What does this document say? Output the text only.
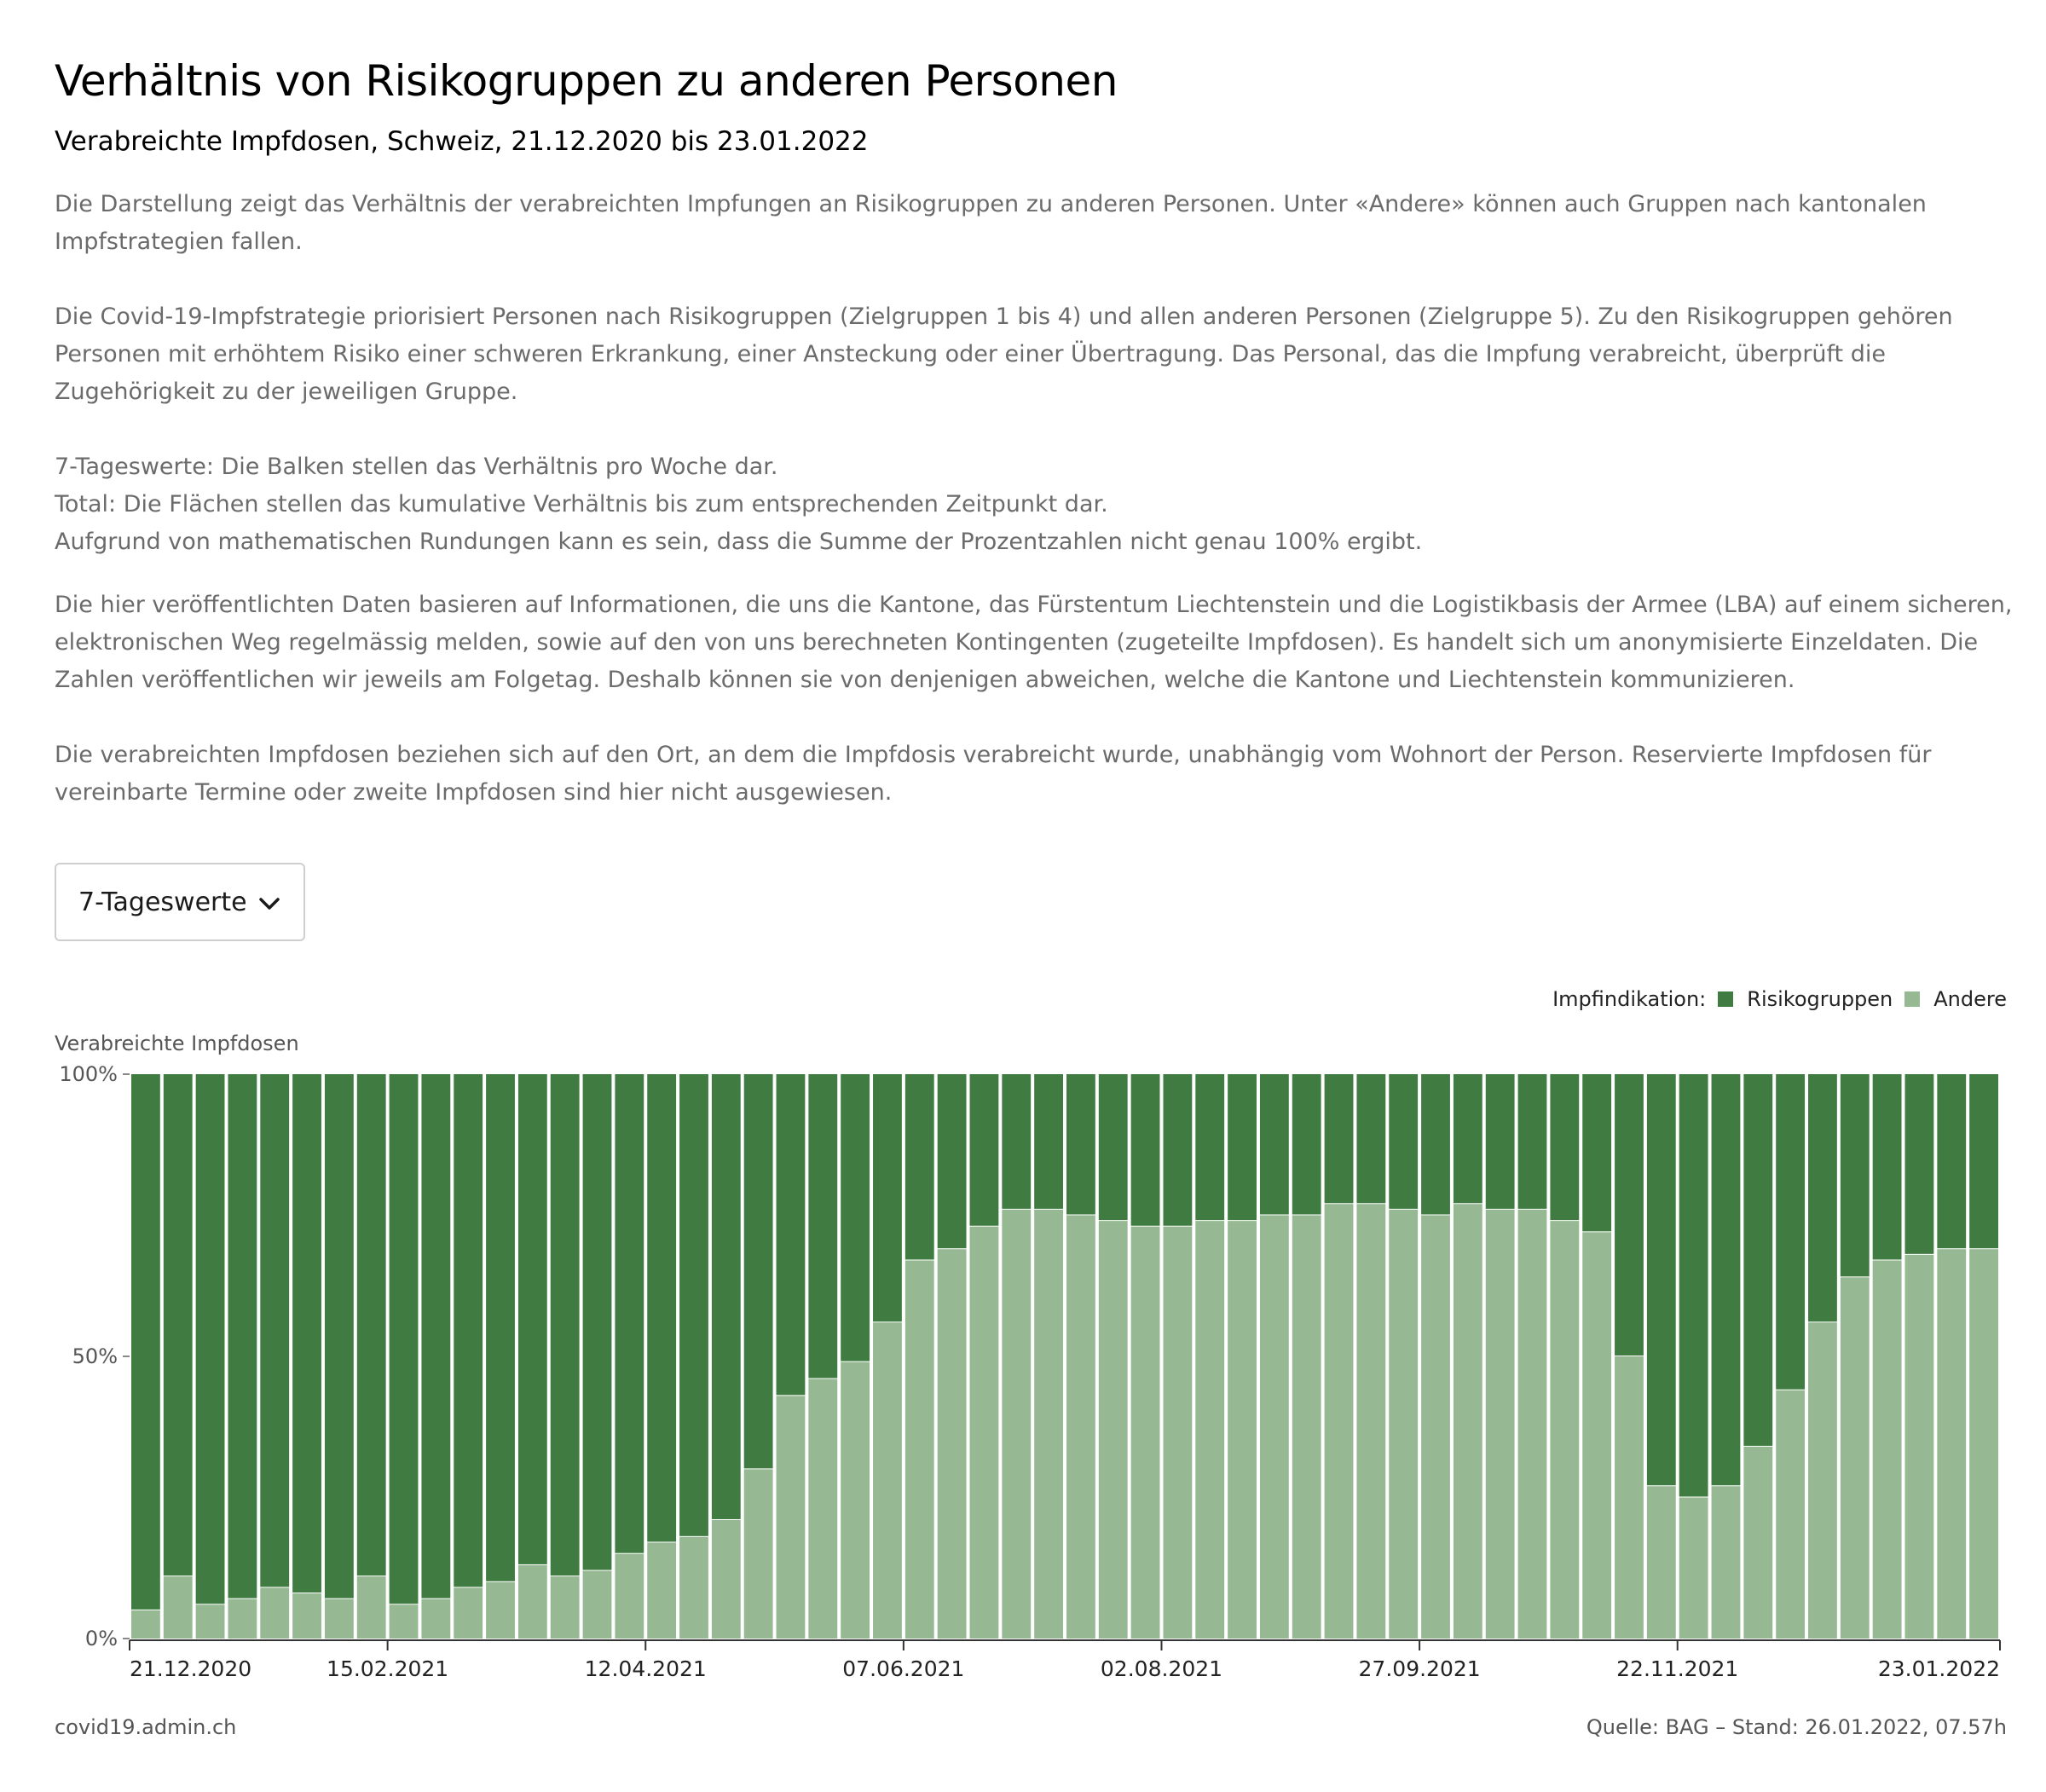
Verhältnis von Risikogruppen zu anderen Personen
Verabreichte Impfdosen, Schweiz, 21.12.2020 bis 23.01.2022

Die Darstellung zeigt das Verhältnis der verabreichten Impfungen an Risikogruppen zu anderen Personen. Unter «Andere» können auch Gruppen nach kantonalen Impfstrategien fallen.

Die Covid-19-Impfstrategie priorisiert Personen nach Risikogruppen (Zielgruppen 1 bis 4) und allen anderen Personen (Zielgruppe 5). Zu den Risikogruppen gehören Personen mit erhöhtem Risiko einer schweren Erkrankung, einer Ansteckung oder einer Übertragung. Das Personal, das die Impfung verabreicht, überprüft die Zugehörigkeit zu der jeweiligen Gruppe.

7-Tageswerte: Die Balken stellen das Verhältnis pro Woche dar.
Total: Die Flächen stellen das kumulative Verhältnis bis zum entsprechenden Zeitpunkt dar.
Aufgrund von mathematischen Rundungen kann es sein, dass die Summe der Prozentzahlen nicht genau 100% ergibt.

Die hier veröffentlichten Daten basieren auf Informationen, die uns die Kantone, das Fürstentum Liechtenstein und die Logistikbasis der Armee (LBA) auf einem sicheren, elektronischen Weg regelmässig melden, sowie auf den von uns berechneten Kontingenten (zugeteilte Impfdosen). Es handelt sich um anonymisierte Einzeldaten. Die Zahlen veröffentlichen wir jeweils am Folgetag. Deshalb können sie von denjenigen abweichen, welche die Kantone und Liechtenstein kommunizieren.

Die verabreichten Impfdosen beziehen sich auf den Ort, an dem die Impfdosis verabreicht wurde, unabhängig vom Wohnort der Person. Reservierte Impfdosen für vereinbarte Termine oder zweite Impfdosen sind hier nicht ausgewiesen.

7-Tageswerte
Impfindikation: Risikogruppen Andere
Verabreichte Impfdosen
0%
50%
100%
21.12.2020	15.02.2021	12.04.2021	07.06.2021	02.08.2021	27.09.2021	22.11.2021	23.01.2022
covid19.admin.ch	Quelle: BAG – Stand: 26.01.2022, 07.57h
